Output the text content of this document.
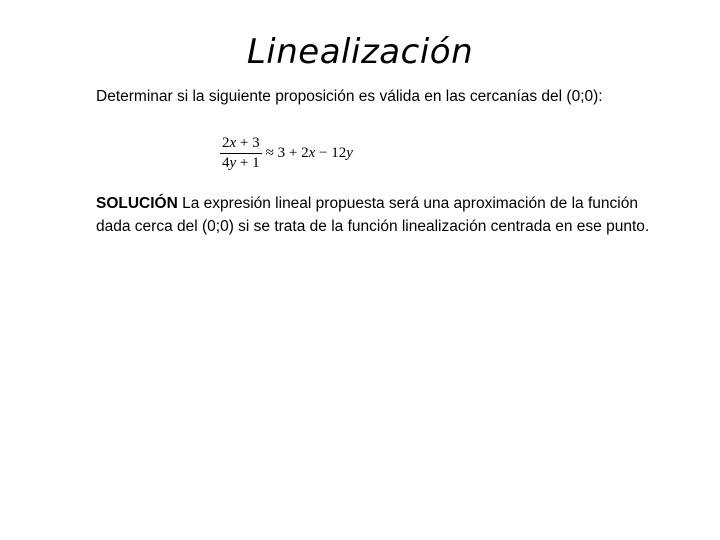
Linealización
Determinar si la siguiente proposición es válida en las cercanías del (0;0):
$\frac{2x + 3}{4y + 1} \approx 3 + 2x - 12y$
SOLUCIÓN La expresión lineal propuesta será una aproximación de la función dada cerca del (0;0) si se trata de la función linealización centrada en ese punto.
